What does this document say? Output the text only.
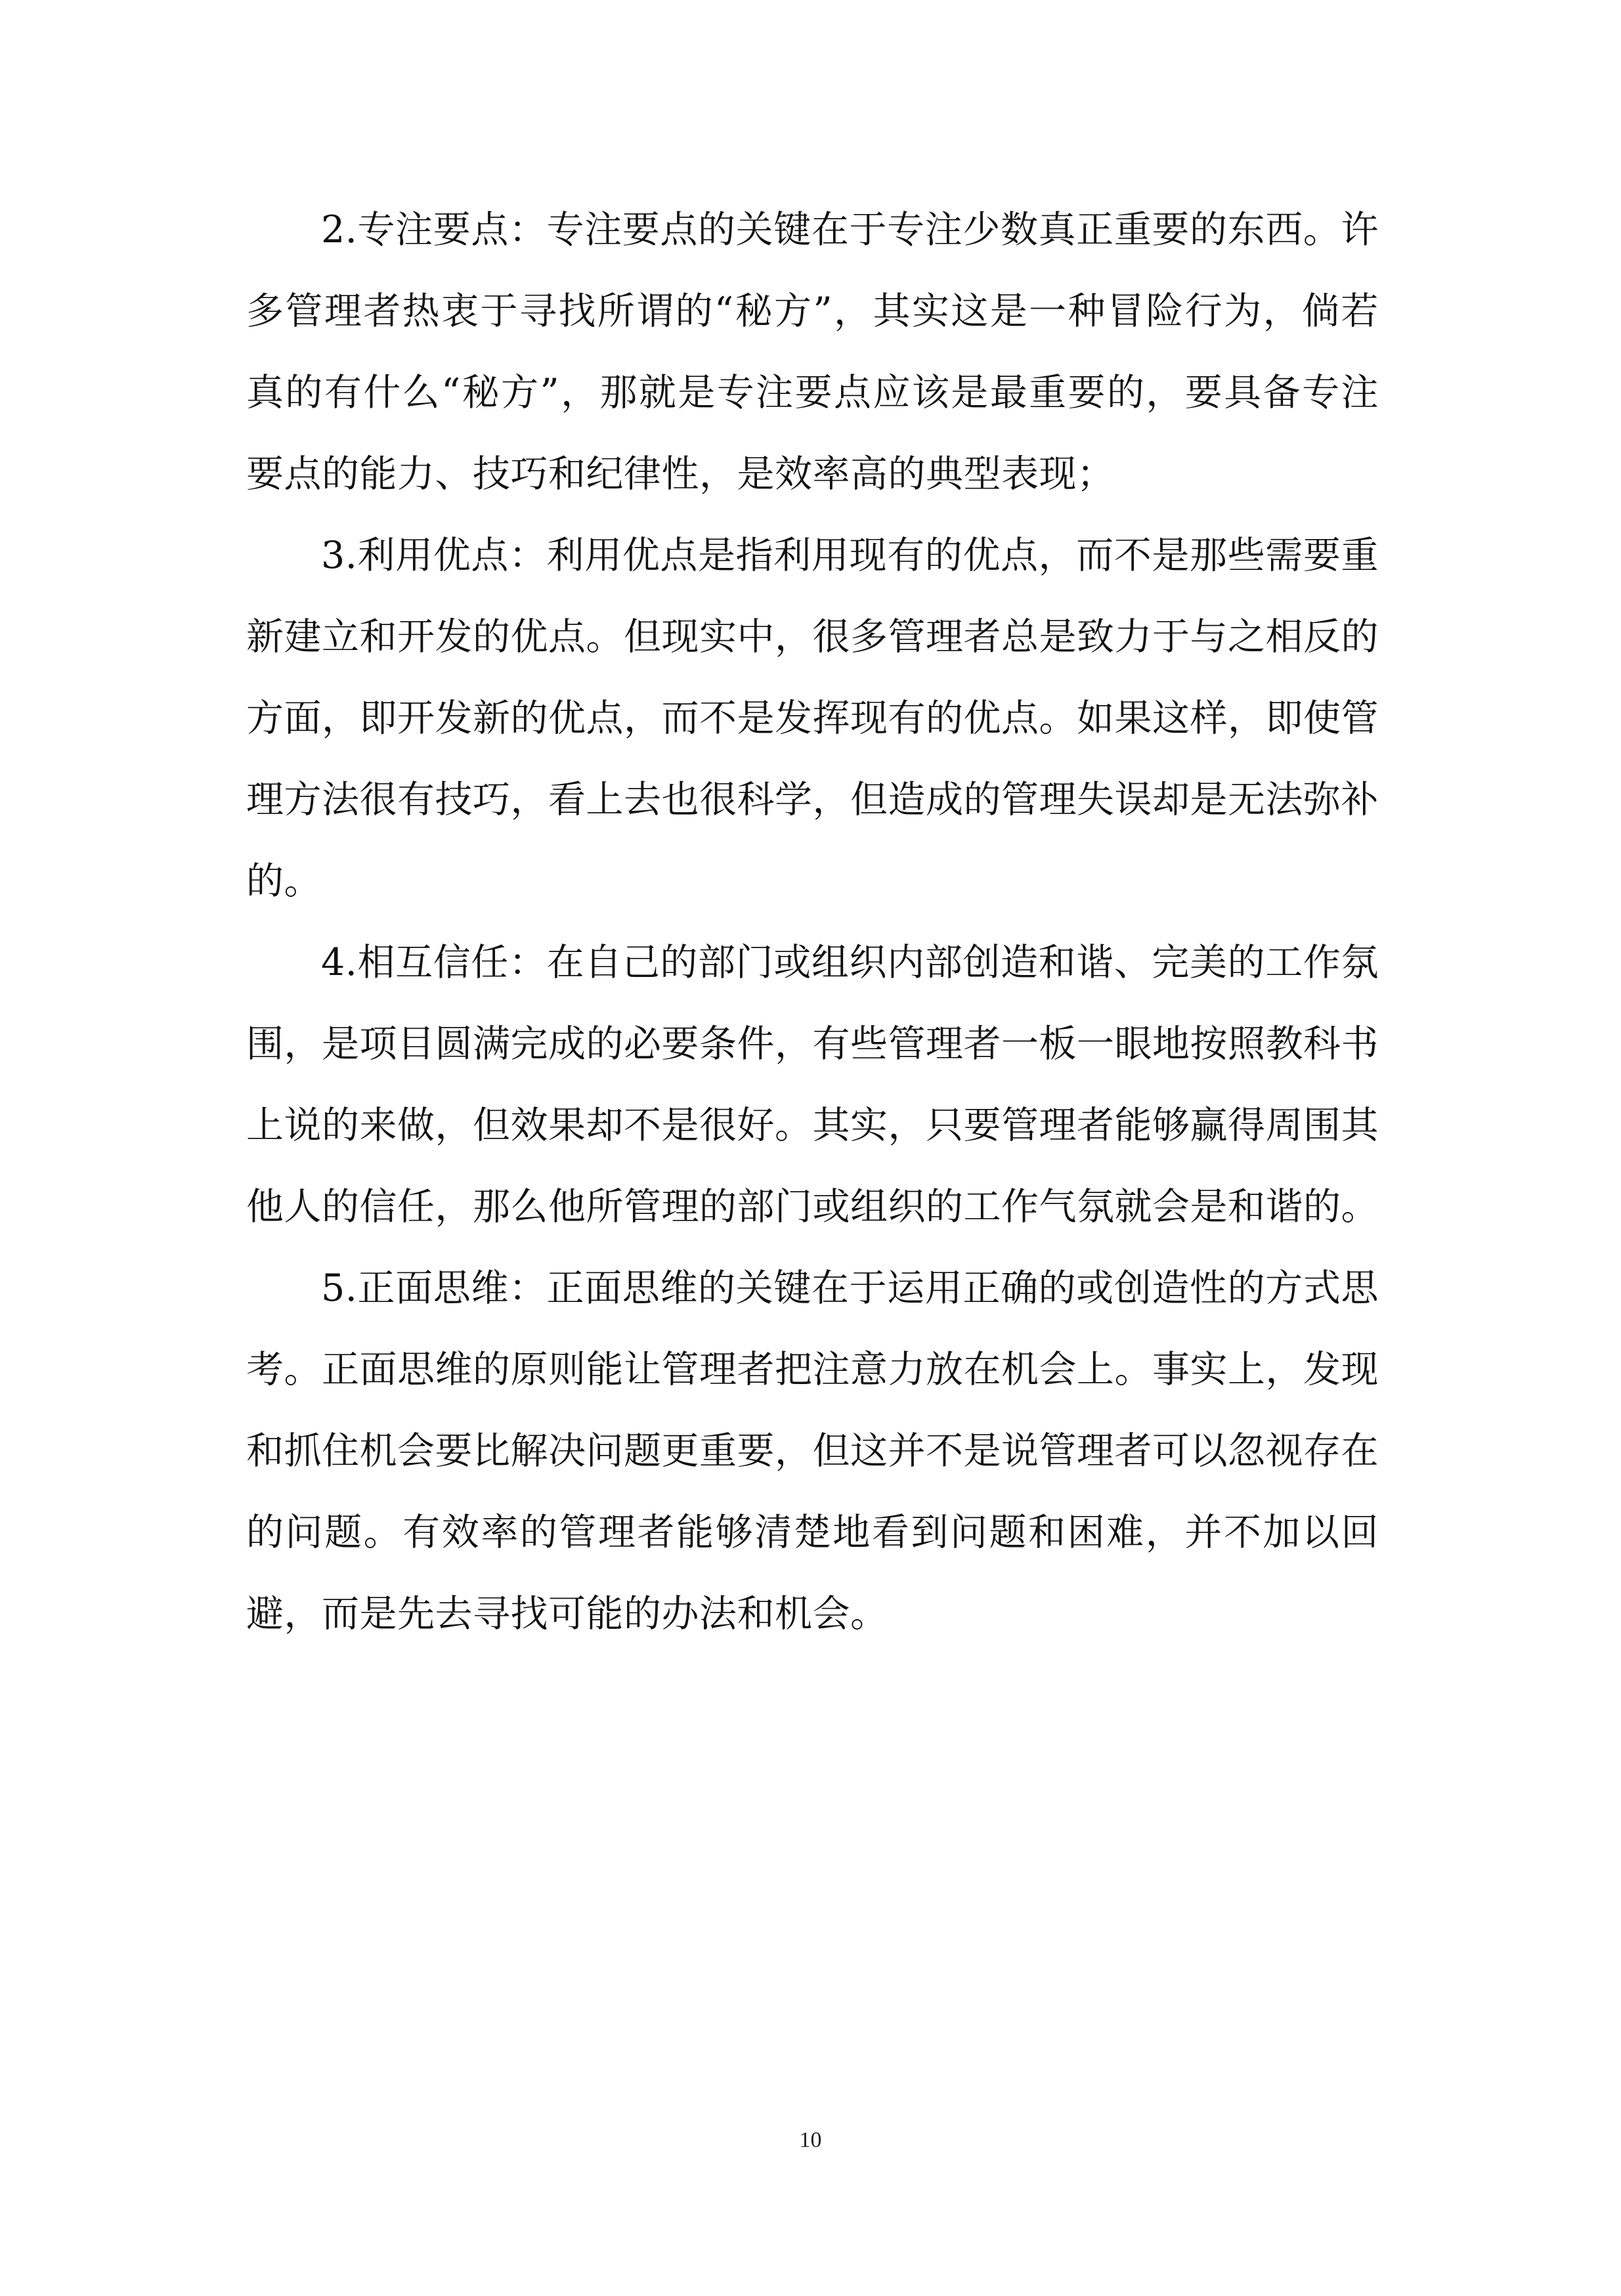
2.专注要点：专注要点的关键在于专注少数真正重要的东西。许多管理者热衷于寻找所谓的“秘方”，其实这是一种冒险行为，倘若真的有什么“秘方”，那就是专注要点应该是最重要的，要具备专注要点的能力、技巧和纪律性，是效率高的典型表现；

3.利用优点：利用优点是指利用现有的优点，而不是那些需要重新建立和开发的优点。但现实中，很多管理者总是致力于与之相反的方面，即开发新的优点，而不是发挥现有的优点。如果这样，即使管理方法很有技巧，看上去也很科学，但造成的管理失误却是无法弥补的。

4.相互信任：在自己的部门或组织内部创造和谐、完美的工作氛围，是项目圆满完成的必要条件，有些管理者一板一眼地按照教科书上说的来做，但效果却不是很好。其实，只要管理者能够赢得周围其他人的信任，那么他所管理的部门或组织的工作气氛就会是和谐的。

5.正面思维：正面思维的关键在于运用正确的或创造性的方式思考。正面思维的原则能让管理者把注意力放在机会上。事实上，发现和抓住机会要比解决问题更重要，但这并不是说管理者可以忽视存在的问题。有效率的管理者能够清楚地看到问题和困难，并不加以回避，而是先去寻找可能的办法和机会。

10
